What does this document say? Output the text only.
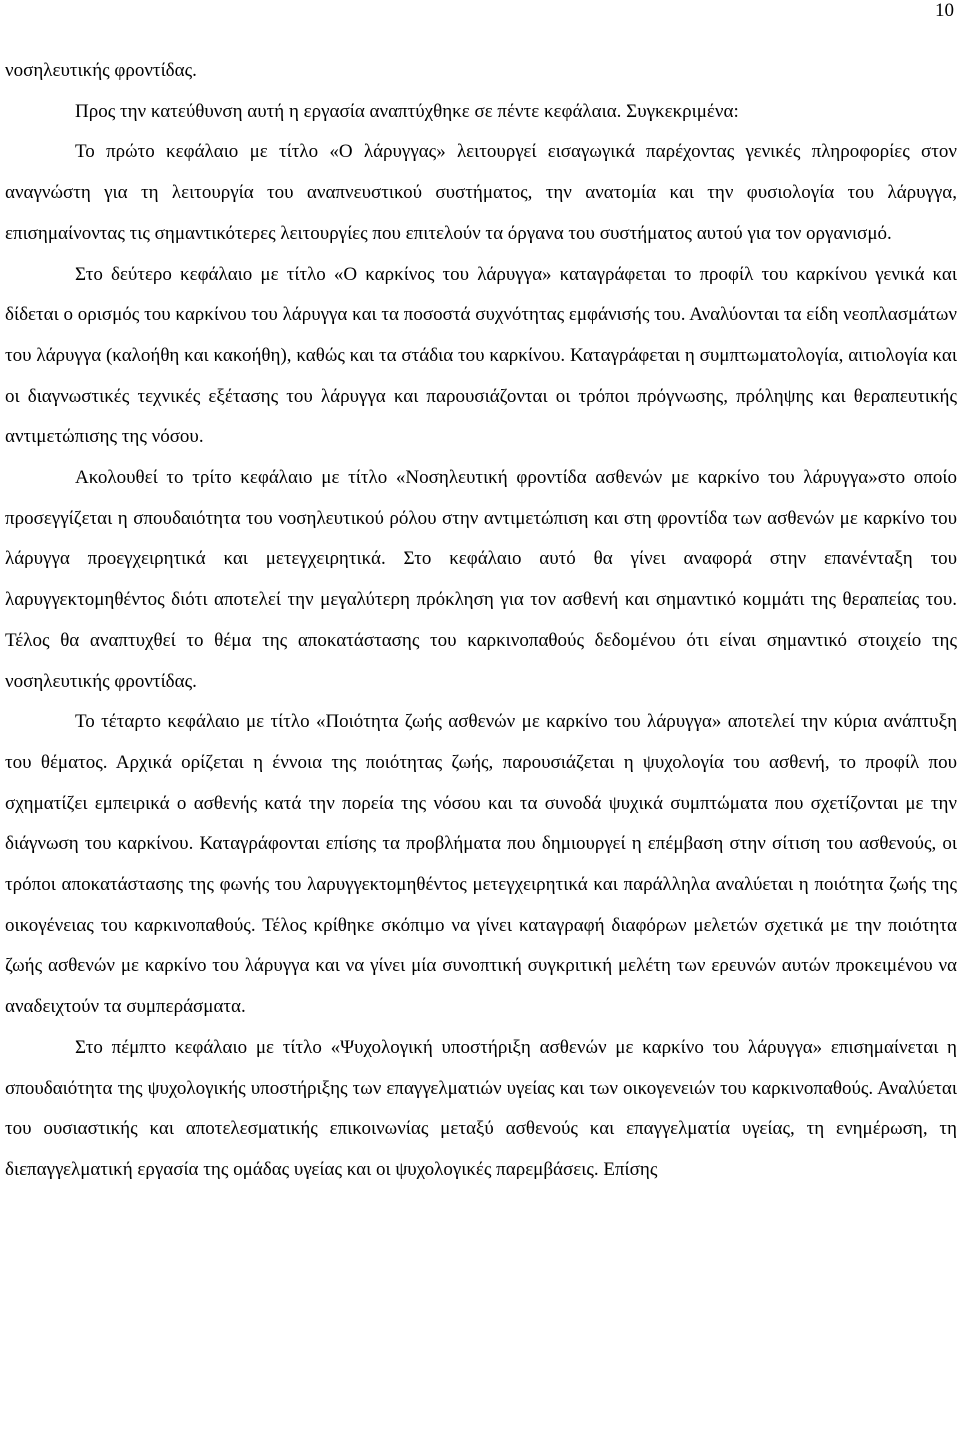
10

νοσηλευτικής φροντίδας.

Προς την κατεύθυνση αυτή η εργασία αναπτύχθηκε σε πέντε κεφάλαια. Συγκεκριμένα:

Το πρώτο κεφάλαιο με τίτλο «Ο λάρυγγας» λειτουργεί εισαγωγικά παρέχοντας γενικές πληροφορίες στον αναγνώστη για τη λειτουργία του αναπνευστικού συστήματος, την ανατομία και την φυσιολογία του λάρυγγα, επισημαίνοντας τις σημαντικότερες λειτουργίες που επιτελούν τα όργανα του συστήματος αυτού για τον οργανισμό.

Στο δεύτερο κεφάλαιο με τίτλο «Ο καρκίνος του λάρυγγα» καταγράφεται το προφίλ του καρκίνου γενικά και δίδεται ο ορισμός του καρκίνου του λάρυγγα και τα ποσοστά συχνότητας εμφάνισής του. Αναλύονται τα είδη νεοπλασμάτων του λάρυγγα (καλοήθη και κακοήθη), καθώς και τα στάδια του καρκίνου. Καταγράφεται η συμπτωματολογία, αιτιολογία και οι διαγνωστικές τεχνικές εξέτασης του λάρυγγα και παρουσιάζονται οι τρόποι πρόγνωσης, πρόληψης και θεραπευτικής αντιμετώπισης της νόσου.

Ακολουθεί το τρίτο κεφάλαιο με τίτλο «Νοσηλευτική φροντίδα ασθενών με καρκίνο του λάρυγγα»στο οποίο προσεγγίζεται η σπουδαιότητα του νοσηλευτικού ρόλου στην αντιμετώπιση και στη φροντίδα των ασθενών με καρκίνο του λάρυγγα προεγχειρητικά και μετεγχειρητικά. Στο κεφάλαιο αυτό θα γίνει αναφορά στην επανένταξη του λαρυγγεκτομηθέντος διότι αποτελεί την μεγαλύτερη πρόκληση για τον ασθενή και σημαντικό κομμάτι της θεραπείας του. Τέλος θα αναπτυχθεί το θέμα της αποκατάστασης του καρκινοπαθούς δεδομένου ότι είναι σημαντικό στοιχείο της νοσηλευτικής φροντίδας.

Το τέταρτο κεφάλαιο με τίτλο «Ποιότητα ζωής ασθενών με καρκίνο του λάρυγγα» αποτελεί την κύρια ανάπτυξη του θέματος. Αρχικά ορίζεται η έννοια της ποιότητας ζωής, παρουσιάζεται η ψυχολογία του ασθενή, το προφίλ που σχηματίζει εμπειρικά ο ασθενής κατά την πορεία της νόσου και τα συνοδά ψυχικά συμπτώματα που σχετίζονται με την διάγνωση του καρκίνου. Καταγράφονται επίσης τα προβλήματα που δημιουργεί η επέμβαση στην σίτιση του ασθενούς, οι τρόποι αποκατάστασης της φωνής του λαρυγγεκτομηθέντος μετεγχειρητικά και παράλληλα αναλύεται η ποιότητα ζωής της οικογένειας του καρκινοπαθούς. Τέλος κρίθηκε σκόπιμο να γίνει καταγραφή διαφόρων μελετών σχετικά με την ποιότητα ζωής ασθενών με καρκίνο του λάρυγγα και να γίνει μία συνοπτική συγκριτική μελέτη των ερευνών αυτών προκειμένου να αναδειχτούν τα συμπεράσματα.

Στο πέμπτο κεφάλαιο με τίτλο «Ψυχολογική υποστήριξη ασθενών με καρκίνο του λάρυγγα» επισημαίνεται η σπουδαιότητα της ψυχολογικής υποστήριξης των επαγγελματιών υγείας και των οικογενειών του καρκινοπαθούς. Αναλύεται του ουσιαστικής και αποτελεσματικής επικοινωνίας μεταξύ ασθενούς και επαγγελματία υγείας, τη ενημέρωση, τη διεπαγγελματική εργασία της ομάδας υγείας και οι ψυχολογικές παρεμβάσεις. Επίσης
